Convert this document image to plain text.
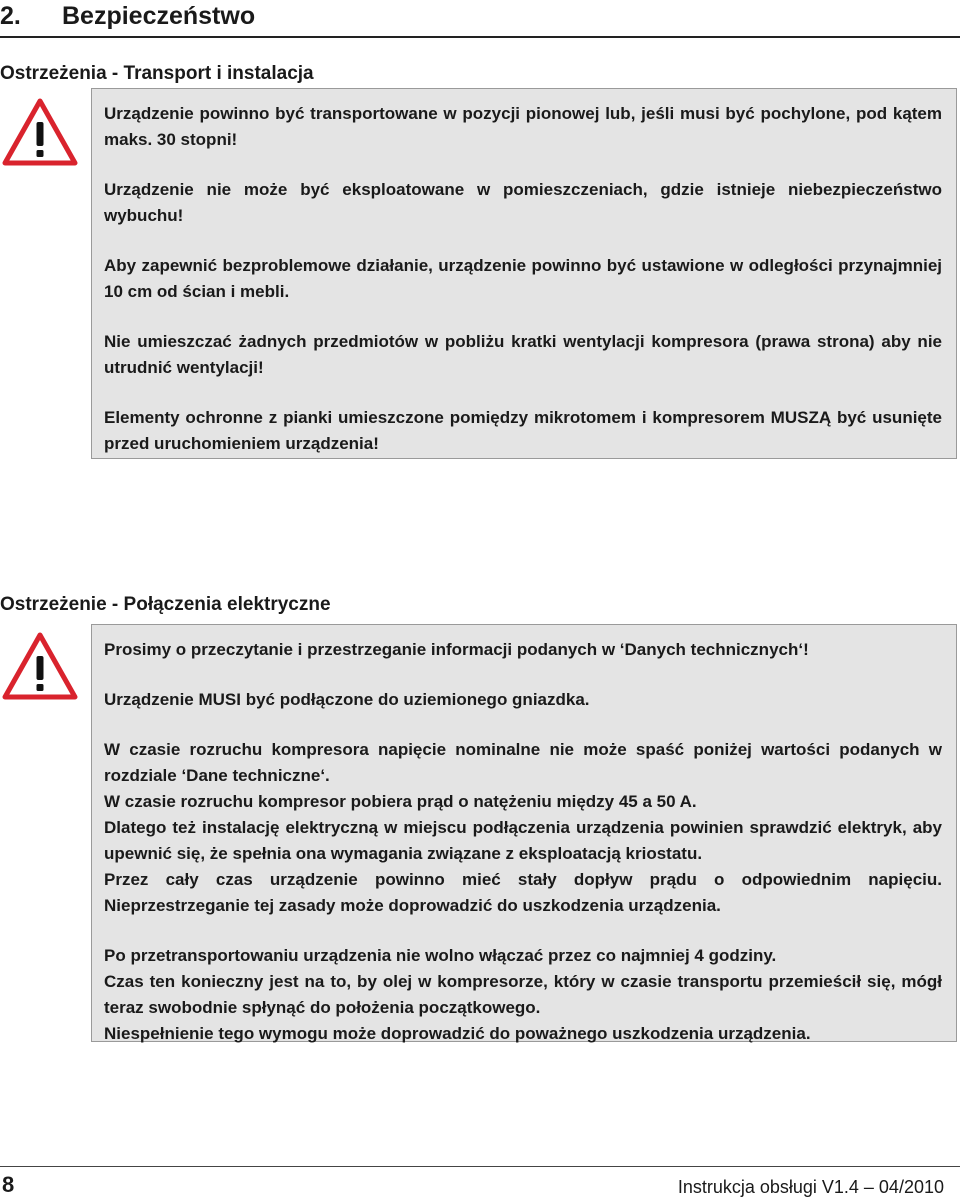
2. Bezpieczeństwo
Ostrzeżenia - Transport i instalacja

Urządzenie powinno być transportowane w pozycji pionowej lub, jeśli musi być pochylone, pod kątem maks. 30 stopni!

Urządzenie nie może być eksploatowane w pomieszczeniach, gdzie istnieje niebezpieczeństwo wybuchu!

Aby zapewnić bezproblemowe działanie, urządzenie powinno być ustawione w odległości przynajmniej 10 cm od ścian i mebli.

Nie umieszczać żadnych przedmiotów w pobliżu kratki wentylacji kompresora (prawa strona) aby nie utrudnić wentylacji!

Elementy ochronne z pianki umieszczone pomiędzy mikrotomem i kompresorem MUSZĄ być usunięte przed uruchomieniem urządzenia!

Ostrzeżenie - Połączenia elektryczne

Prosimy o przeczytanie i przestrzeganie informacji podanych w ‘Danych technicznych‘!

Urządzenie MUSI być podłączone do uziemionego gniazdka.

W czasie rozruchu kompresora napięcie nominalne nie może spaść poniżej wartości podanych w rozdziale ‘Dane techniczne‘.

W czasie rozruchu kompresor pobiera prąd o natężeniu między 45 a 50 A.

Dlatego też instalację elektryczną w miejscu podłączenia urządzenia powinien sprawdzić elektryk, aby upewnić się, że spełnia ona wymagania związane z eksploatacją kriostatu.

Przez cały czas urządzenie powinno mieć stały dopływ prądu o odpowiednim napięciu. Nieprzestrzeganie tej zasady może doprowadzić do uszkodzenia urządzenia.

Po przetransportowaniu urządzenia nie wolno włączać przez co najmniej 4 godziny.

Czas ten konieczny jest na to, by olej w kompresorze, który w czasie transportu przemieścił się, mógł teraz swobodnie spłynąć do położenia początkowego.

Niespełnienie tego wymogu może doprowadzić do poważnego uszkodzenia urządzenia.

8	Instrukcja obsługi V1.4 – 04/2010
